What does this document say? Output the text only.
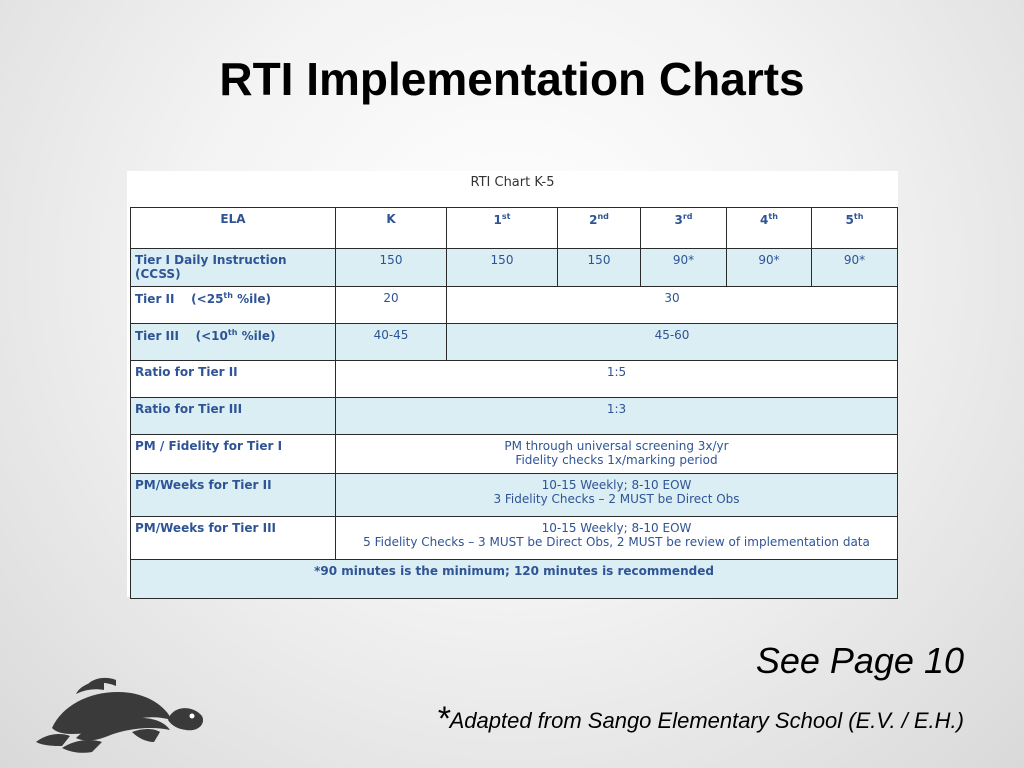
RTI Implementation Charts
RTI Chart K-5
ELA	K	1st	2nd	3rd	4th	5th
Tier I Daily Instruction (CCSS)	150	150	150	90*	90*	90*
Tier II    (<25th %ile)	20	30				
Tier III    (<10th %ile)	40-45	45-60				
Ratio for Tier II	1:5					
Ratio for Tier III	1:3					
PM / Fidelity for Tier I	PM through universal screening 3x/yr
Fidelity checks 1x/marking period					

PM/Weeks for Tier II	10-15 Weekly; 8-10 EOW
3 Fidelity Checks – 2 MUST be Direct Obs					

PM/Weeks for Tier III	10-15 Weekly; 8-10 EOW
5 Fidelity Checks – 3 MUST be Direct Obs, 2 MUST be review of implementation data					

*90 minutes is the minimum; 120 minutes is recommended						
See Page 10
*Adapted from Sango Elementary School (E.V. / E.H.)
